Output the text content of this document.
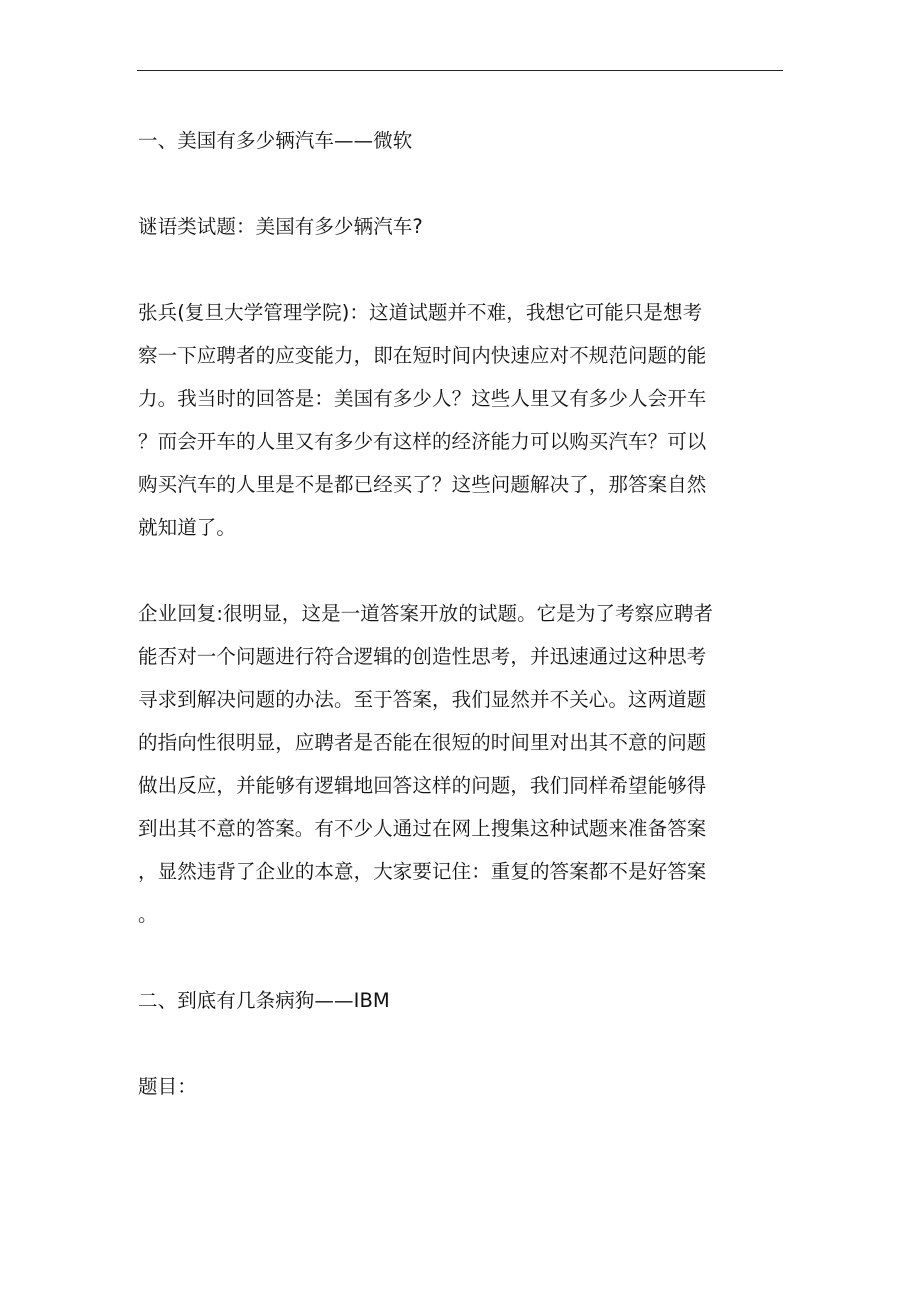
一、美国有多少辆汽车——微软

谜语类试题：美国有多少辆汽车?

张兵(复旦大学管理学院)：这道试题并不难，我想它可能只是想考

察一下应聘者的应变能力，即在短时间内快速应对不规范问题的能

力。我当时的回答是：美国有多少人？这些人里又有多少人会开车

？而会开车的人里又有多少有这样的经济能力可以购买汽车？可以

购买汽车的人里是不是都已经买了？这些问题解决了，那答案自然

就知道了。

企业回复:很明显，这是一道答案开放的试题。它是为了考察应聘者

能否对一个问题进行符合逻辑的创造性思考，并迅速通过这种思考

寻求到解决问题的办法。至于答案，我们显然并不关心。这两道题

的指向性很明显，应聘者是否能在很短的时间里对出其不意的问题

做出反应，并能够有逻辑地回答这样的问题，我们同样希望能够得

到出其不意的答案。有不少人通过在网上搜集这种试题来准备答案

，显然违背了企业的本意，大家要记住：重复的答案都不是好答案

。

二、到底有几条病狗——IBM

题目：
